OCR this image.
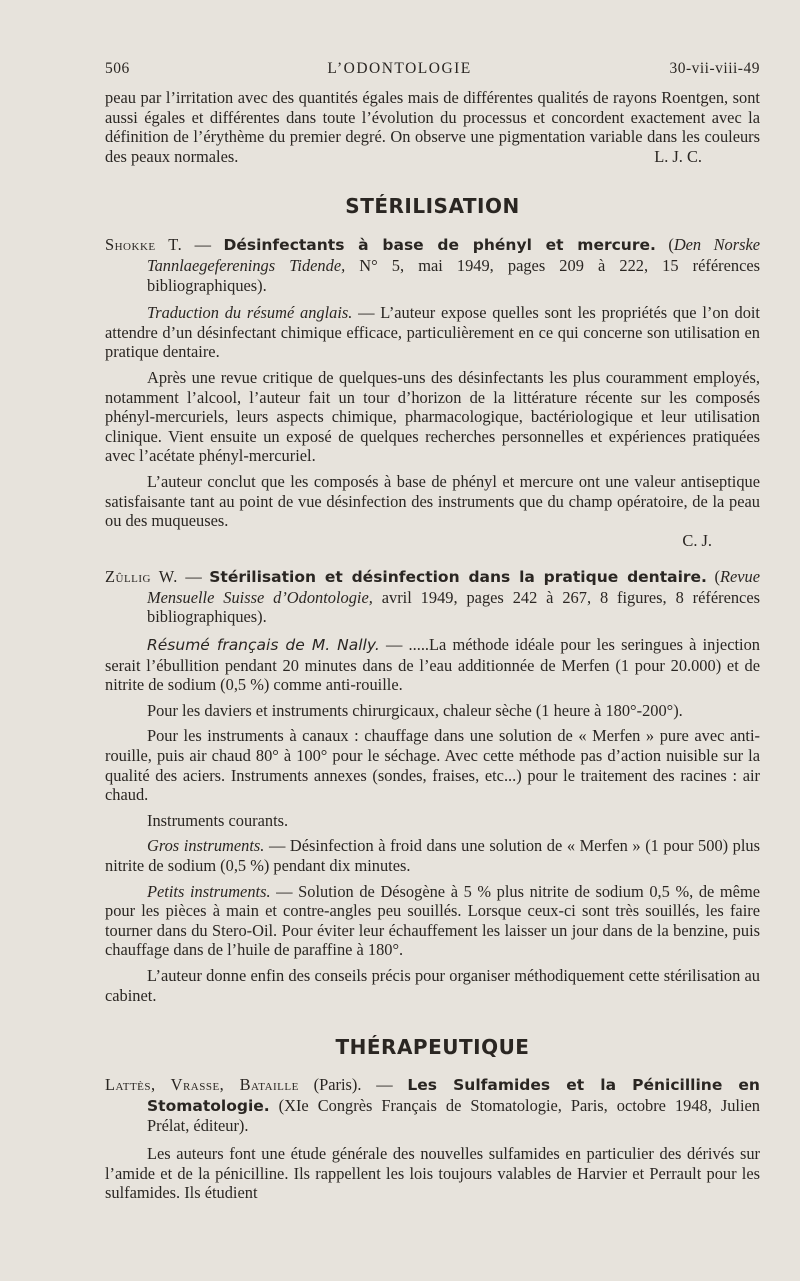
506	L’ODONTOLOGIE	30-vii-viii-49

peau par l’irritation avec des quantités égales mais de différentes qualités de rayons Roentgen, sont aussi égales et différentes dans toute l’évolution du processus et concordent exactement avec la définition de l’érythème du premier degré. On observe une pigmentation variable dans les couleurs des peaux normales.	L. J. C.

STÉRILISATION

Shokke T. — Désinfectants à base de phényl et mercure. (Den Norske Tannlaegeferenings Tidende, N° 5, mai 1949, pages 209 à 222, 15 références bibliographiques).

Traduction du résumé anglais. — L’auteur expose quelles sont les propriétés que l’on doit attendre d’un désinfectant chimique efficace, particulièrement en ce qui concerne son utilisation en pratique dentaire.

Après une revue critique de quelques-uns des désinfectants les plus couramment employés, notamment l’alcool, l’auteur fait un tour d’horizon de la littérature récente sur les composés phényl-mercuriels, leurs aspects chimique, pharmacologique, bactériologique et leur utilisation clinique. Vient ensuite un exposé de quelques recherches personnelles et expériences pratiquées avec l’acétate phényl-mercuriel.

L’auteur conclut que les composés à base de phényl et mercure ont une valeur antiseptique satisfaisante tant au point de vue désinfection des instruments que du champ opératoire, de la peau ou des muqueuses.

C. J.

Zûllig W. — Stérilisation et désinfection dans la pratique dentaire. (Revue Mensuelle Suisse d’Odontologie, avril 1949, pages 242 à 267, 8 figures, 8 références bibliographiques).

Résumé français de M. Nally. — .....La méthode idéale pour les seringues à injection serait l’ébullition pendant 20 minutes dans de l’eau additionnée de Merfen (1 pour 20.000) et de nitrite de sodium (0,5 %) comme anti-rouille.

Pour les daviers et instruments chirurgicaux, chaleur sèche (1 heure à 180°-200°).

Pour les instruments à canaux : chauffage dans une solution de « Merfen » pure avec anti-rouille, puis air chaud 80° à 100° pour le séchage. Avec cette méthode pas d’action nuisible sur la qualité des aciers. Instruments annexes (sondes, fraises, etc...) pour le traitement des racines : air chaud.

Instruments courants.

Gros instruments. — Désinfection à froid dans une solution de « Merfen » (1 pour 500) plus nitrite de sodium (0,5 %) pendant dix minutes.

Petits instruments. — Solution de Désogène à 5 % plus nitrite de sodium 0,5 %, de même pour les pièces à main et contre-angles peu souillés. Lorsque ceux-ci sont très souillés, les faire tourner dans du Stero-Oil. Pour éviter leur échauffement les laisser un jour dans de la benzine, puis chauffage dans de l’huile de paraffine à 180°.

L’auteur donne enfin des conseils précis pour organiser méthodiquement cette stérilisation au cabinet.

THÉRAPEUTIQUE

Lattès, Vrasse, Bataille (Paris). — Les Sulfamides et la Pénicilline en Stomatologie. (XIe Congrès Français de Stomatologie, Paris, octobre 1948, Julien Prélat, éditeur).

Les auteurs font une étude générale des nouvelles sulfamides en particulier des dérivés sur l’amide et de la pénicilline. Ils rappellent les lois toujours valables de Harvier et Perrault pour les sulfamides. Ils étudient
